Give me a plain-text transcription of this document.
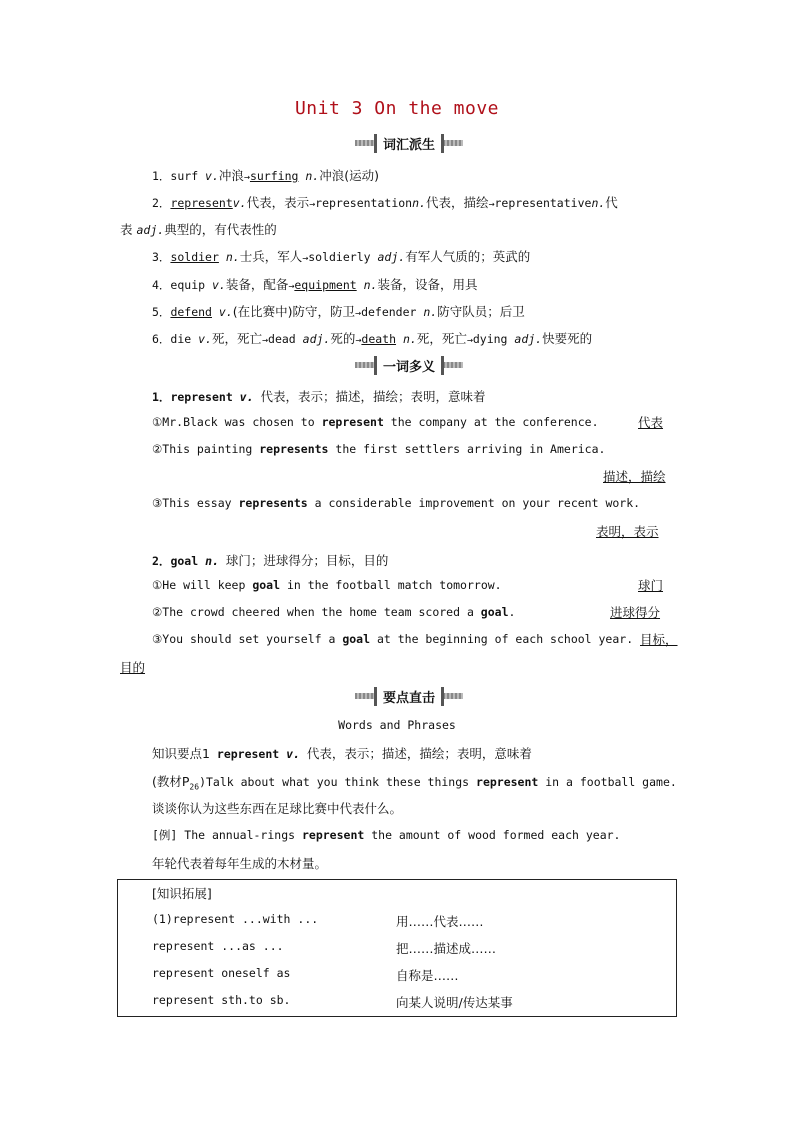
Unit 3 On the move
词汇派生
1．surf v.冲浪→surfing n.冲浪(运动)
2．representv.代表，表示→representationn.代表，描绘→representativen.代
表 adj.典型的，有代表性的
3．soldier n.士兵，军人→soldierly adj.有军人气质的；英武的
4．equip v.装备，配备→equipment n.装备，设备，用具
5．defend v.(在比赛中)防守，防卫→defender n.防守队员；后卫
6．die v.死，死亡→dead adj.死的→death n.死，死亡→dying adj.快要死的
一词多义
1．represent v. 代表，表示；描述，描绘；表明，意味着
①Mr.Black was chosen to represent the company at the conference.	代表
②This painting represents the first settlers arriving in America.
描述，描绘
③This essay represents a considerable improvement on your recent work.
表明，表示
2．goal n. 球门；进球得分；目标，目的
①He will keep goal in the football match tomorrow.	球门
②The crowd cheered when the home team scored a goal.	进球得分
③You should set yourself a goal at the beginning of each school year. 目标，
目的
要点直击
Words and Phrases
知识要点1 represent v. 代表，表示；描述，描绘；表明，意味着
(教材$P_{26})Talk$ about what you think these things represent in a football game.
谈谈你认为这些东西在足球比赛中代表什么。
[例] The annual-rings represent the amount of wood formed each year.
年轮代表着每年生成的木材量。
[知识拓展]
(1)represent ...with ...	用……代表……
represent ...as ...	把……描述成……
represent oneself as	自称是……
represent sth.to sb.	向某人说明/传达某事
